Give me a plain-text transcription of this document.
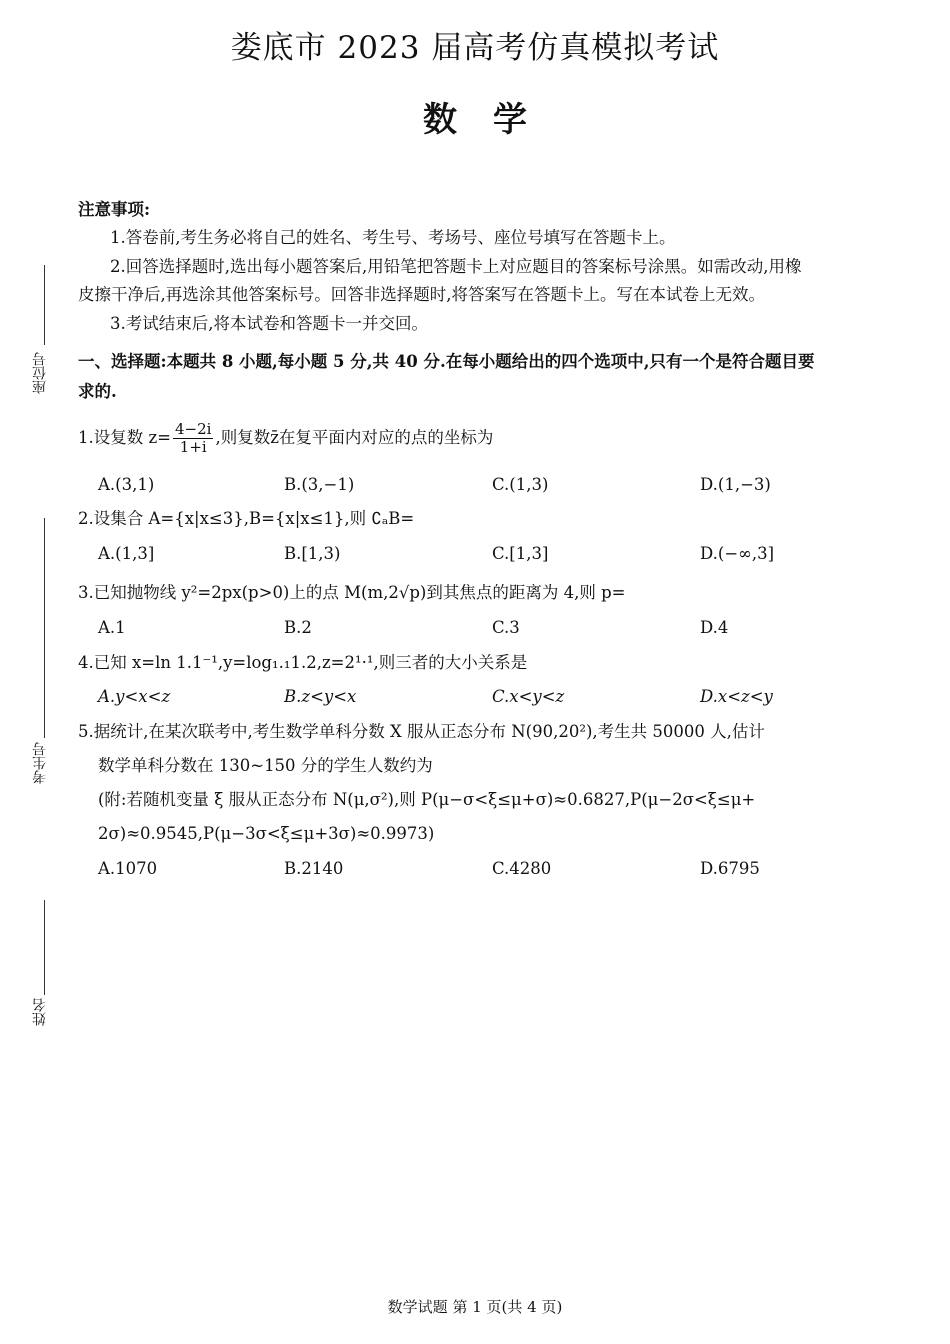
娄底市 2023 届高考仿真模拟考试
数学
座位号
考生号
姓名
注意事项:
1.答卷前,考生务必将自己的姓名、考生号、考场号、座位号填写在答题卡上。
2.回答选择题时,选出每小题答案后,用铅笔把答题卡上对应题目的答案标号涂黑。如需改动,用橡
皮擦干净后,再选涂其他答案标号。回答非选择题时,将答案写在答题卡上。写在本试卷上无效。
3.考试结束后,将本试卷和答题卡一并交回。
一、选择题:本题共 8 小题,每小题 5 分,共 40 分.在每小题给出的四个选项中,只有一个是符合题目要
求的.
1.设复数 $z= \frac{4-2i}{1+i}$ ,则复数z̄在复平面内对应的点的坐标为
A.(3,1)	B.(3,−1)	C.(1,3)	D.(1,−3)
2.设集合 A={x|x≤3},B={x|x≤1},则 ∁ₐB=
A.(1,3]	B.[1,3)	C.[1,3]	D.(−∞,3]
3.已知抛物线 y²=2px(p>0)上的点 M(m,2√p)到其焦点的距离为 4,则 p=
A.1	B.2	C.3	D.4
4.已知 x=ln 1.1⁻¹,y=log₁.₁1.2,z=2¹·¹,则三者的大小关系是
A.y<x<z	B.z<y<x	C.x<y<z	D.x<z<y
5.据统计,在某次联考中,考生数学单科分数 X 服从正态分布 N(90,20²),考生共 50000 人,估计
数学单科分数在 130~150 分的学生人数约为
(附:若随机变量 ξ 服从正态分布 N(μ,σ²),则 P(μ−σ<ξ≤μ+σ)≈0.6827,P(μ−2σ<ξ≤μ+
2σ)≈0.9545,P(μ−3σ<ξ≤μ+3σ)≈0.9973)
A.1070	B.2140	C.4280	D.6795
数学试题 第 1 页(共 4 页)
